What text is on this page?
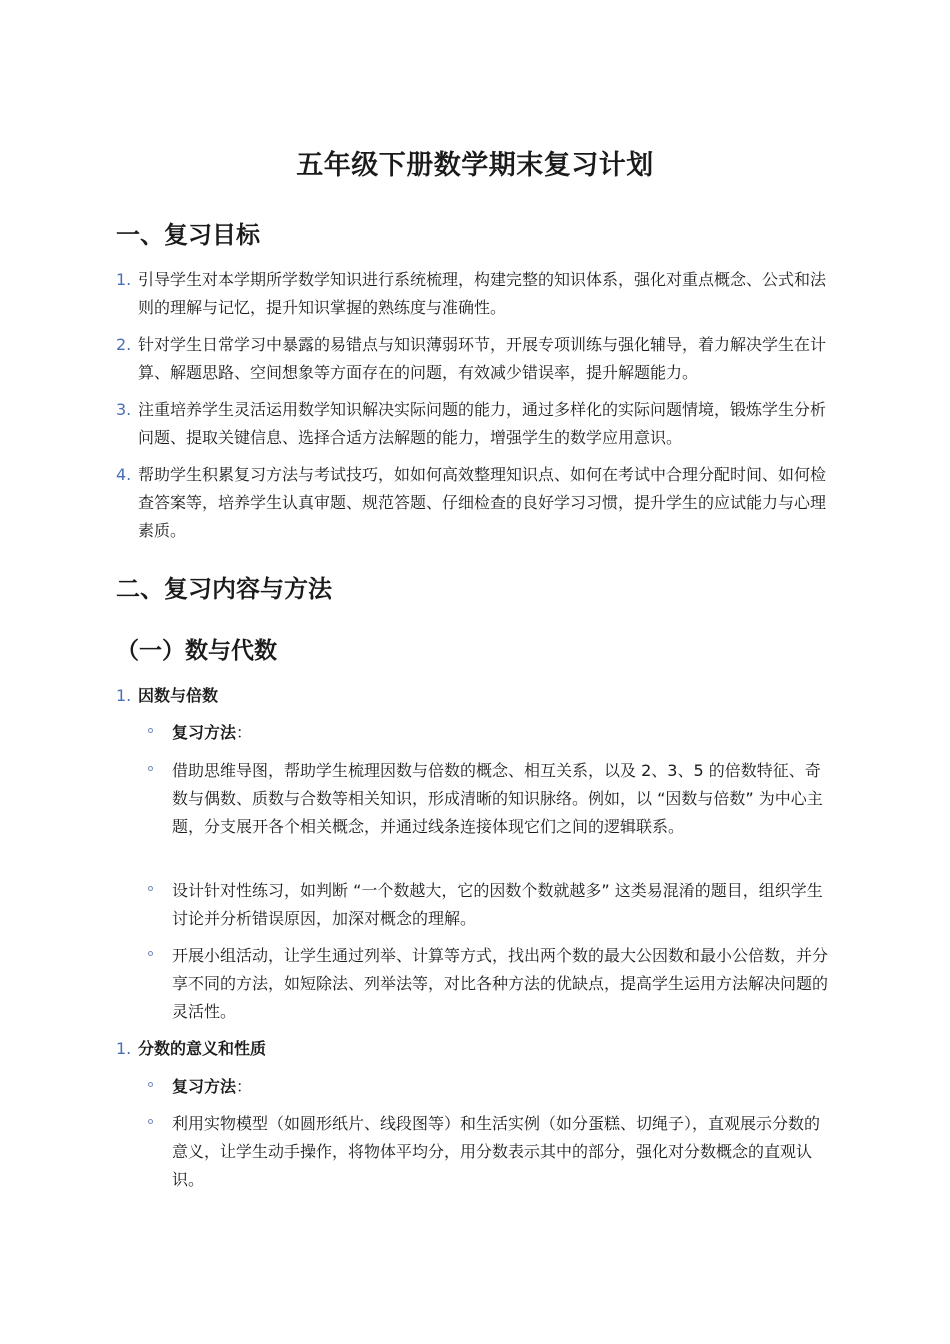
五年级下册数学期末复习计划
一、复习目标
1. 引导学生对本学期所学数学知识进行系统梳理，构建完整的知识体系，强化对重点概念、公式和法则的理解与记忆，提升知识掌握的熟练度与准确性。
2. 针对学生日常学习中暴露的易错点与知识薄弱环节，开展专项训练与强化辅导，着力解决学生在计算、解题思路、空间想象等方面存在的问题，有效减少错误率，提升解题能力。
3. 注重培养学生灵活运用数学知识解决实际问题的能力，通过多样化的实际问题情境，锻炼学生分析问题、提取关键信息、选择合适方法解题的能力，增强学生的数学应用意识。
4. 帮助学生积累复习方法与考试技巧，如如何高效整理知识点、如何在考试中合理分配时间、如何检查答案等，培养学生认真审题、规范答题、仔细检查的良好学习习惯，提升学生的应试能力与心理素质。
二、复习内容与方法
（一）数与代数
1. 因数与倍数
复习方法：
借助思维导图，帮助学生梳理因数与倍数的概念、相互关系，以及 2、3、5 的倍数特征、奇数与偶数、质数与合数等相关知识，形成清晰的知识脉络。例如，以 “因数与倍数” 为中心主题，分支展开各个相关概念，并通过线条连接体现它们之间的逻辑联系。
设计针对性练习，如判断 “一个数越大，它的因数个数就越多” 这类易混淆的题目，组织学生讨论并分析错误原因，加深对概念的理解。
开展小组活动，让学生通过列举、计算等方式，找出两个数的最大公因数和最小公倍数，并分享不同的方法，如短除法、列举法等，对比各种方法的优缺点，提高学生运用方法解决问题的灵活性。
1. 分数的意义和性质
复习方法：
利用实物模型（如圆形纸片、线段图等）和生活实例（如分蛋糕、切绳子），直观展示分数的意义，让学生动手操作，将物体平均分，用分数表示其中的部分，强化对分数概念的直观认识。
